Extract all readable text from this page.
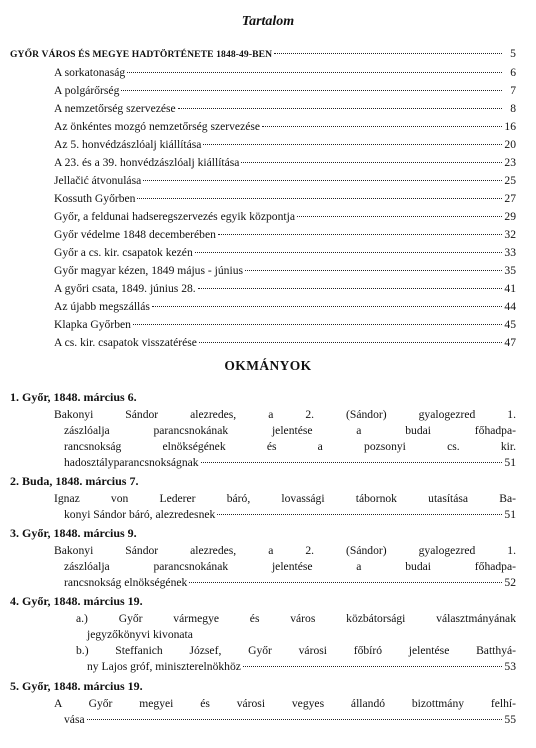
Tartalom
GYŐR VÁROS ÉS MEGYE HADTÖRTÉNETE 1848-49-BEN	5
A sorkatonaság	6
A polgárőrség	7
A nemzetőrség szervezése	8
Az önkéntes mozgó nemzetőrség szervezése	16
Az 5. honvédzászlóalj kiállítása	20
A 23. és a 39. honvédzászlóalj kiállítása	23
Jellačić átvonulása	25
Kossuth Győrben	27
Győr, a feldunai hadseregszervezés egyik központja	29
Győr védelme 1848 decemberében	32
Győr a cs. kir. csapatok kezén	33
Győr magyar kézen, 1849 május - június	35
A győri csata, 1849. június 28.	41
Az újabb megszállás	44
Klapka Győrben	45
A cs. kir. csapatok visszatérése	47
OKMÁNYOK
1. Győr, 1848. március 6.
Bakonyi Sándor alezredes, a 2. (Sándor) gyalogezred 1.
zászlóalja parancsnokának jelentése a budai főhadpa-
rancsnokság elnökségének és a pozsonyi cs. kir.
hadosztályparancsnokságnak	51
2. Buda, 1848. március 7.
Ignaz von Lederer báró, lovassági tábornok utasítása Ba-
konyi Sándor báró, alezredesnek	51
3. Győr, 1848. március 9.
Bakonyi Sándor alezredes, a 2. (Sándor) gyalogezred 1.
zászlóalja parancsnokának jelentése a budai főhadpa-
rancsnokság elnökségének	52
4. Győr, 1848. március 19.
a.) Győr vármegye és város közbátorsági választmányának
jegyzőkönyvi kivonata
b.) Steffanich József, Győr városi főbíró jelentése Batthyá-
ny Lajos gróf, miniszterelnökhöz	53
5. Győr, 1848. március 19.
A Győr megyei és városi vegyes állandó bizottmány felhí-
vása	55
